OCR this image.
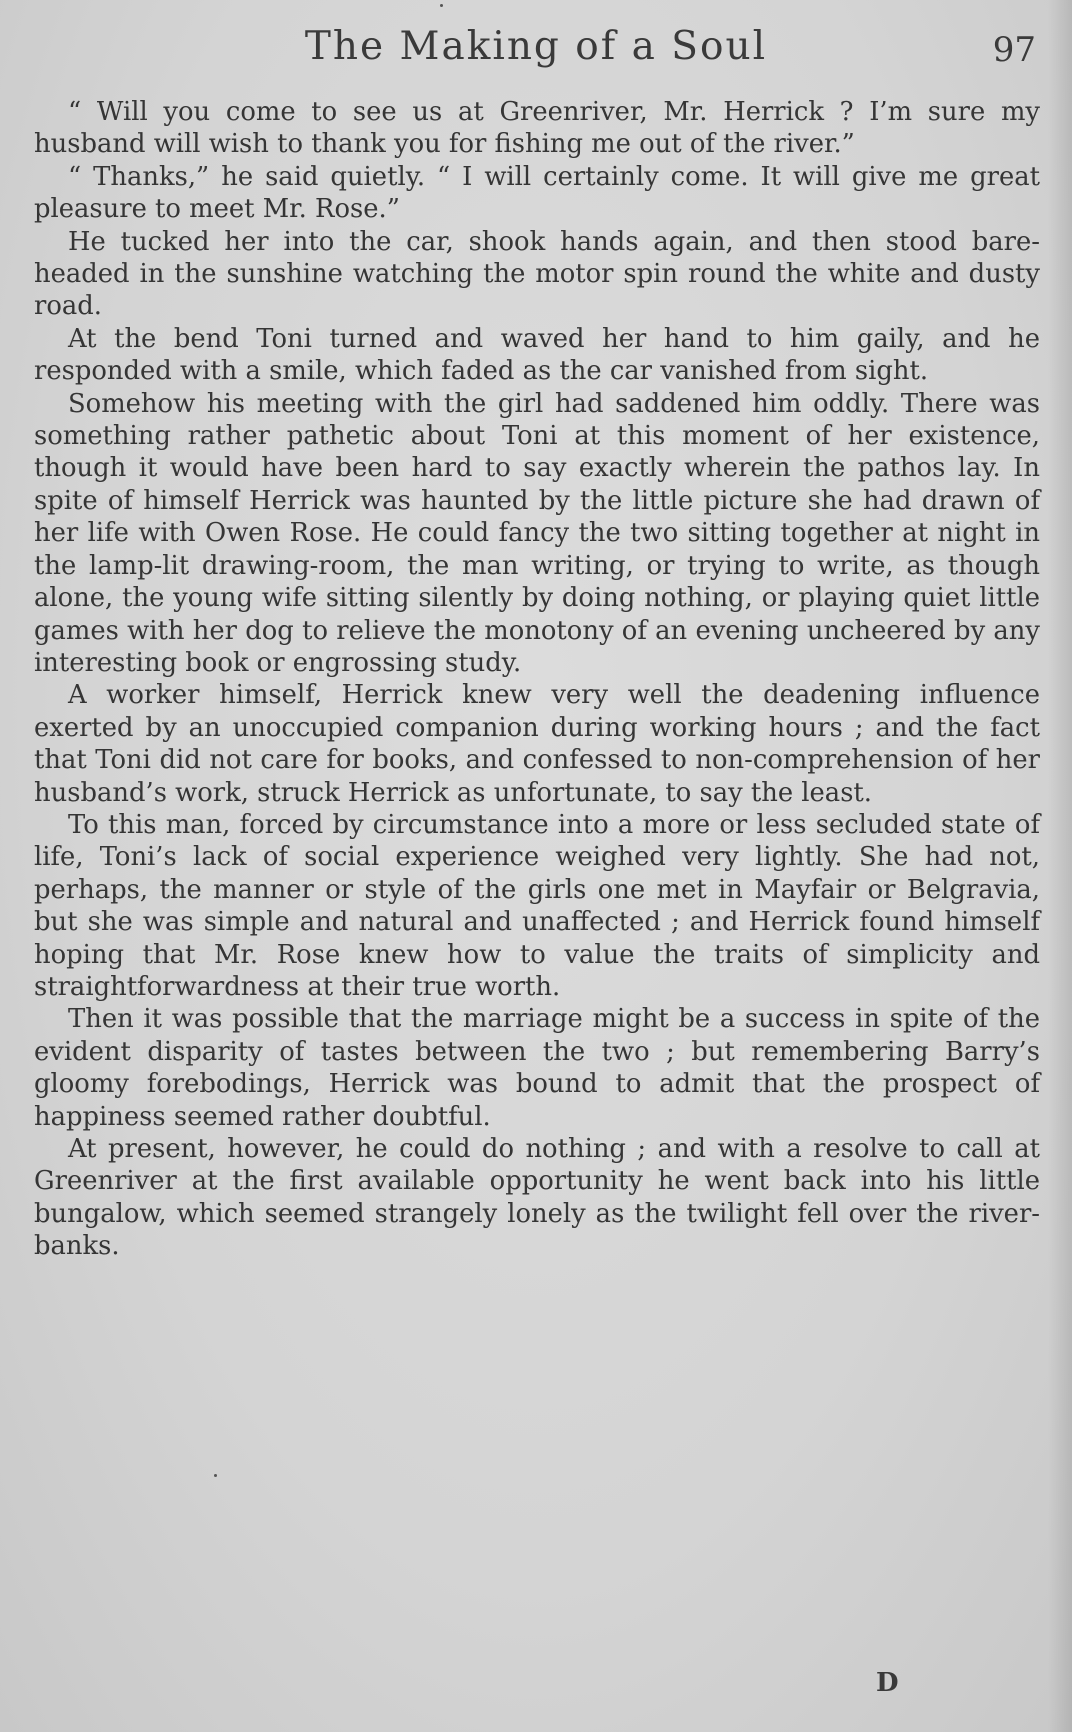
The Making of a Soul	97

“ Will you come to see us at Greenriver, Mr. Herrick ? I’m sure my husband will wish to thank you for fishing me out of the river.”

“ Thanks,” he said quietly. “ I will certainly come. It will give me great pleasure to meet Mr. Rose.”

He tucked her into the car, shook hands again, and then stood bare-headed in the sunshine watching the motor spin round the white and dusty road.

At the bend Toni turned and waved her hand to him gaily, and he responded with a smile, which faded as the car vanished from sight.

Somehow his meeting with the girl had saddened him oddly. There was something rather pathetic about Toni at this moment of her existence, though it would have been hard to say exactly wherein the pathos lay. In spite of himself Herrick was haunted by the little picture she had drawn of her life with Owen Rose. He could fancy the two sitting together at night in the lamp-lit drawing-room, the man writing, or trying to write, as though alone, the young wife sitting silently by doing nothing, or playing quiet little games with her dog to relieve the monotony of an evening uncheered by any interesting book or engrossing study.

A worker himself, Herrick knew very well the deadening influence exerted by an unoccupied companion during working hours ; and the fact that Toni did not care for books, and confessed to non-comprehension of her husband’s work, struck Herrick as unfortunate, to say the least.

To this man, forced by circumstance into a more or less secluded state of life, Toni’s lack of social experience weighed very lightly. She had not, perhaps, the manner or style of the girls one met in Mayfair or Belgravia, but she was simple and natural and unaffected ; and Herrick found himself hoping that Mr. Rose knew how to value the traits of simplicity and straightforwardness at their true worth.

Then it was possible that the marriage might be a success in spite of the evident disparity of tastes between the two ; but remembering Barry’s gloomy forebodings, Herrick was bound to admit that the prospect of happiness seemed rather doubtful.

At present, however, he could do nothing ; and with a resolve to call at Greenriver at the first available opportunity he went back into his little bungalow, which seemed strangely lonely as the twilight fell over the river-banks.

D
